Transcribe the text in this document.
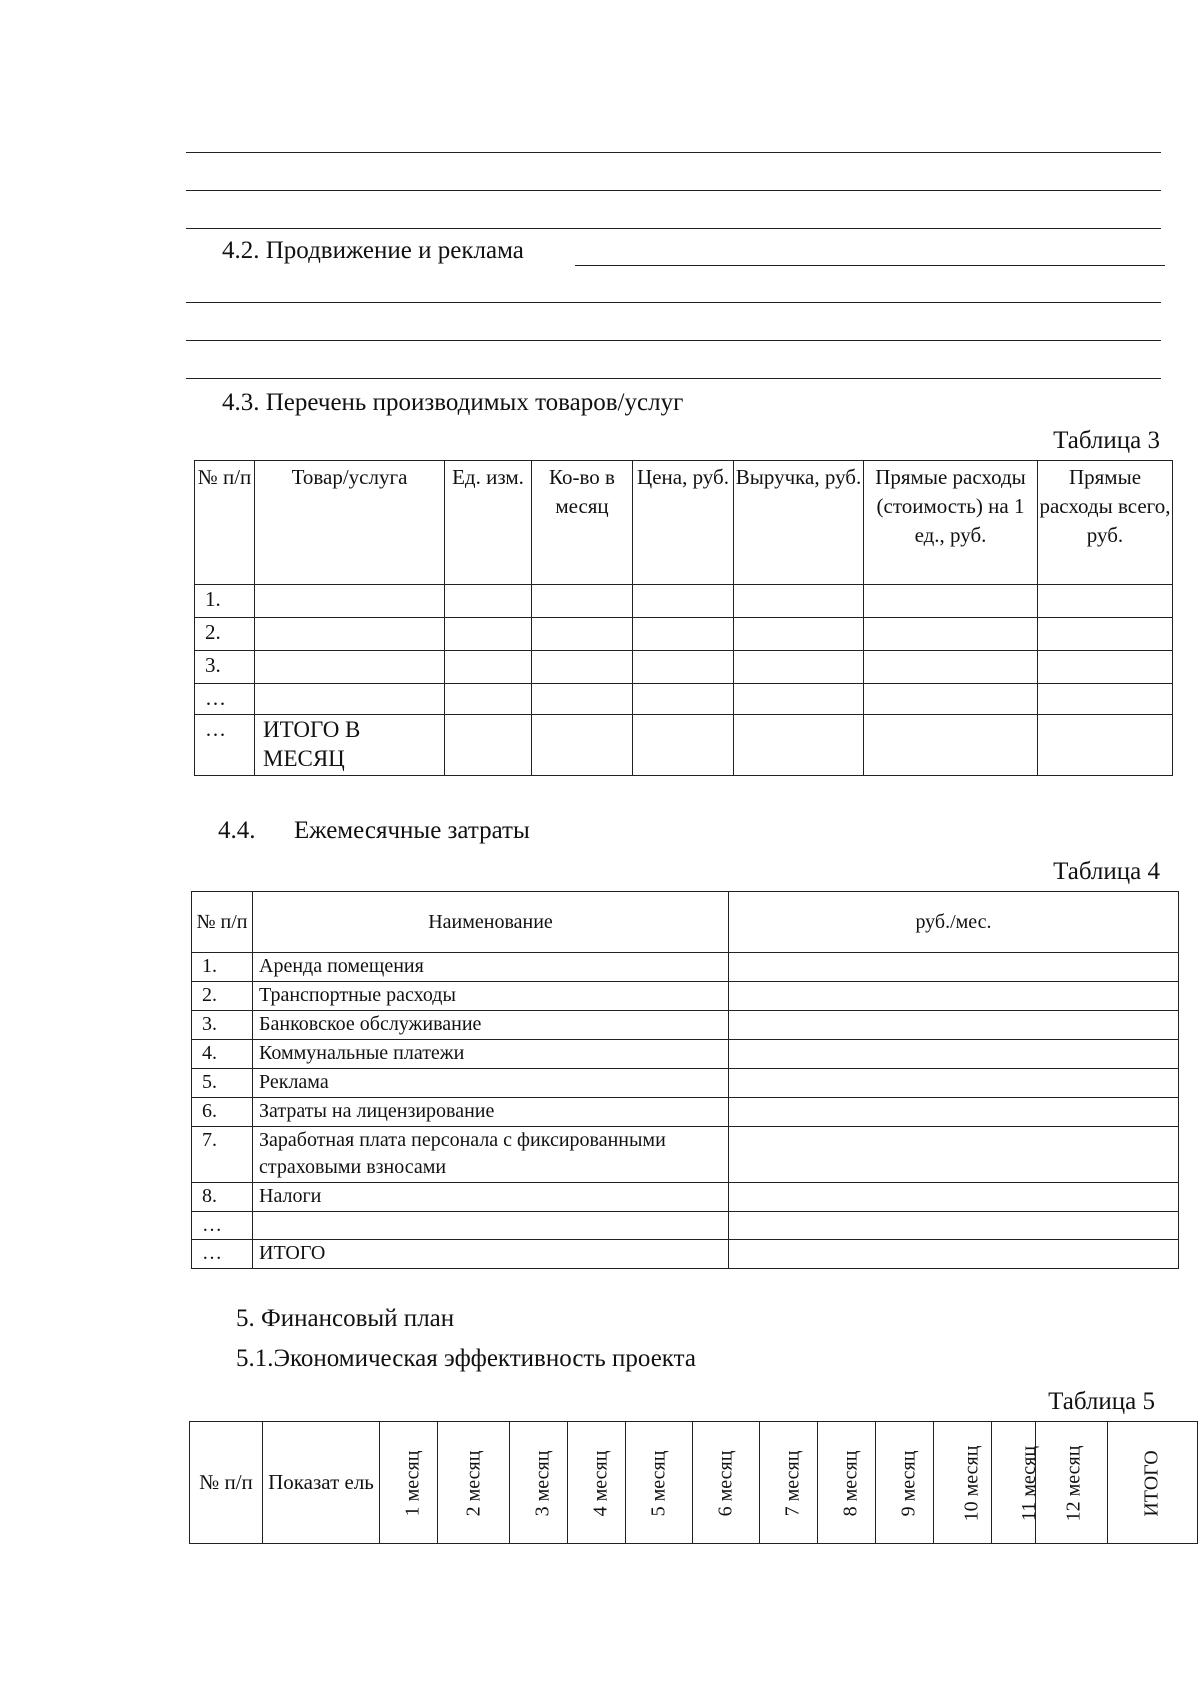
4.2. Продвижение и реклама
4.3. Перечень производимых товаров/услуг
Таблица 3
№ п/п	Товар/услуга	Ед. изм.	Ко-во в месяц	Цена, руб.	Выручка, руб.	Прямые расходы (стоимость) на 1 ед., руб.	Прямые расходы всего, руб.
1.							
2.							
3.							
…							
…	ИТОГО В МЕСЯЦ						
4.4. Ежемесячные затраты
Таблица 4
№ п/п	Наименование	руб./мес.
1.	Аренда помещения	
2.	Транспортные расходы	
3.	Банковское обслуживание	
4.	Коммунальные платежи	
5.	Реклама	
6.	Затраты на лицензирование	
7.	Заработная плата персонала с фиксированными страховыми взносами	
8.	Налоги	
…		
…	ИТОГО	
5. Финансовый план
5.1.Экономическая эффективность проекта
Таблица 5
№ п/п	Показат ель	1 месяц	2 месяц	3 месяц	4 месяц	5 месяц	6 месяц	7 месяц	8 месяц	9 месяц	10 месяц	11 месяц	12 месяц	ИТОГО
